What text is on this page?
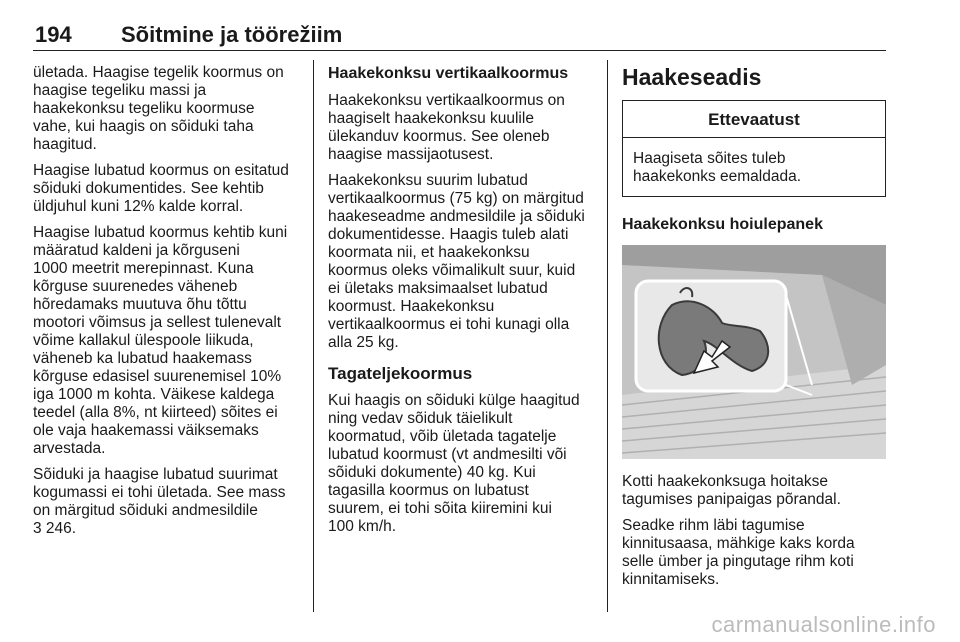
194 Sõitmine ja töörežiim

ületada. Haagise tegelik koormus on
haagise tegeliku massi ja
haakekonksu tegeliku koormuse
vahe, kui haagis on sõiduki taha
haagitud.

Haagise lubatud koormus on esitatud
sõiduki dokumentides. See kehtib
üldjuhul kuni 12% kalde korral.

Haagise lubatud koormus kehtib kuni
määratud kaldeni ja kõrguseni
1000 meetrit merepinnast. Kuna
kõrguse suurenedes väheneb
hõredamaks muutuva õhu tõttu
mootori võimsus ja sellest tulenevalt
võime kallakul ülespoole liikuda,
väheneb ka lubatud haakemass
kõrguse edasisel suurenemisel 10%
iga 1000 m kohta. Väikese kaldega
teedel (alla 8%, nt kiirteed) sõites ei
ole vaja haakemassi väiksemaks
arvestada.

Sõiduki ja haagise lubatud suurimat
kogumassi ei tohi ületada. See mass
on märgitud sõiduki andmesildile

3 246.

Haakekonksu vertikaalkoormus

Haakekonksu vertikaalkoormus on
haagiselt haakekonksu kuulile
ülekanduv koormus. See oleneb
haagise massijaotusest.

Haakekonksu suurim lubatud
vertikaalkoormus (75 kg) on märgitud
haakeseadme andmesildile ja sõiduki
dokumentidesse. Haagis tuleb alati
koormata nii, et haakekonksu
koormus oleks võimalikult suur, kuid
ei ületaks maksimaalset lubatud
koormust. Haakekonksu
vertikaalkoormus ei tohi kunagi olla
alla 25 kg.

Tagateljekoormus

Kui haagis on sõiduki külge haagitud
ning vedav sõiduk täielikult
koormatud, võib ületada tagatelje
lubatud koormust (vt andmesilti või
sõiduki dokumente) 40 kg. Kui
tagasilla koormus on lubatust
suurem, ei tohi sõita kiiremini kui
100 km/h.

Haakeseadis
Ettevaatust
Haagiseta sõites tuleb
haakekonks eemaldada.
Haakekonksu hoiulepanek

Kotti haakekonksuga hoitakse
tagumises panipaigas põrandal.

Seadke rihm läbi tagumise
kinnitusaasa, mähkige kaks korda
selle ümber ja pingutage rihm koti
kinnitamiseks.

carmanualsonline.info
